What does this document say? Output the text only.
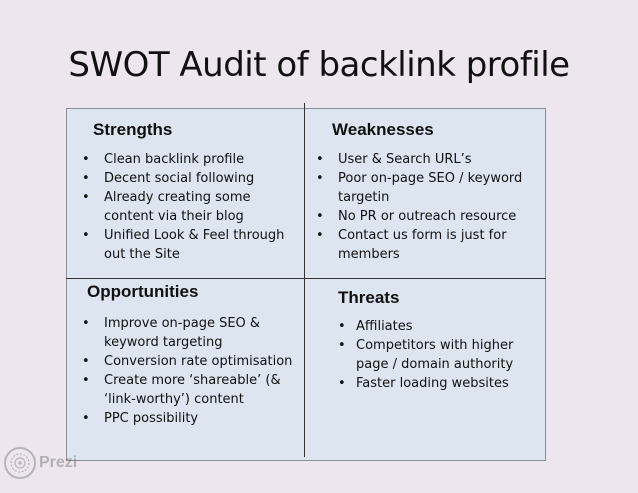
SWOT Audit of backlink profile
Strengths
• Clean backlink profile
• Decent social following
• Already creating some content via their blog
• Unified Look & Feel through out the Site
Weaknesses
• User & Search URL’s
• Poor on-page SEO / keyword targetin
• No PR or outreach resource
• Contact us form is just for members
Opportunities
• Improve on-page SEO & keyword targeting
• Conversion rate optimisation
• Create more ‘shareable’ (& ‘link-worthy’) content
• PPC possibility
Threats
• Affiliates
• Competitors with higher page / domain authority
• Faster loading websites
Prezi
